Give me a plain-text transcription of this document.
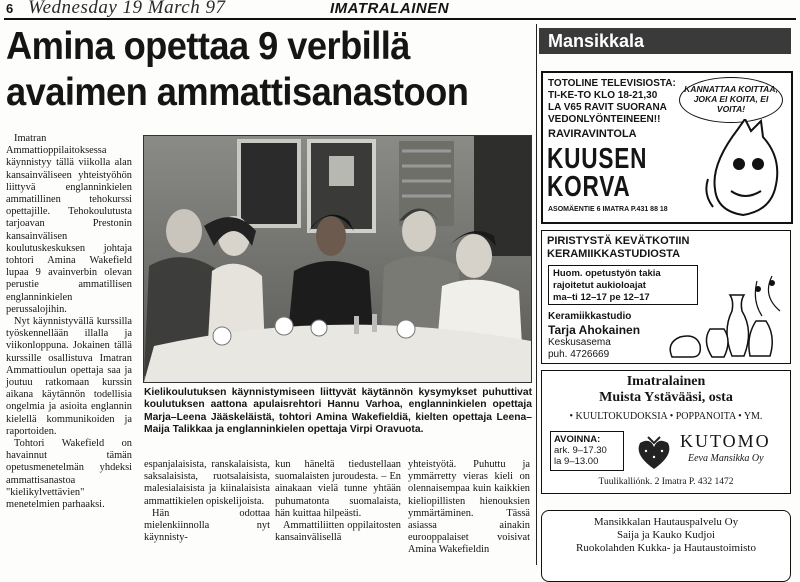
6 Wednesday 19 March 97	IMATRALAINEN
Amina opettaa 9 verbillä
avaimen ammattisanastoon

Imatran Ammattioppilaitoksessa käynnistyy tällä viikolla alan kansainväliseen yhteistyöhön liittyvä englanninkielen ammatillinen tehokurssi opettajille. Tehokoulutusta tarjoavan Prestonin kansainvälisen koulutuskeskuksen johtaja tohtori Amina Wakefield lupaa 9 avainverbin olevan perustie ammatillisen englanninkielen perussalojihin.

Nyt käynnistyvällä kurssilla työskennellään illalla ja viikonloppuna. Jokainen tällä kurssille osallistuva Imatran Ammattioulun opettaja saa ja joutuu ratkomaan kurssin aikana käytännön todellisia ongelmia ja asioita englannin kielellä kommunikoiden ja raportoiden.

Tohtori Wakefield on havainnut tämän opetusmenetelmän yhdeksi ammattisanastoa "kielikylvettävien" menetelmien parhaaksi.

Kielikoulutuksen käynnistymiseen liittyvät käytännön kysymykset puhuttivat koulutuksen aattona apulaisrehtori Hannu Varhoa, englanninkielen opettaja Marja–Leena Jääskeläistä, tohtori Amina Wakefieldiä, kielten opettaja Leena–Maija Talikkaa ja englanninkielen opettaja Virpi Oravuota.

espanjalaisista, ranskalaisista, saksalaisista, ruotsalaisista, malesialaisista ja kiinalaisista ammattikielen opiskelijoista.

Hän odottaa mielenkiinnolla nyt käynnisty-

kun häneltä tiedustellaan suomalaisten juroudesta. – En ainakaan vielä tunne yhtään puhumatonta suomalaista, hän kuittaa hilpeästi.

Ammattiliitten oppilaitosten kansainvälisellä

yhteistyötä. Puhuttu ja ymmärretty vieras kieli on olennaisempaa kuin kaikkien kieliopillisten hienouksien ymmärtäminen. Tässä asiassa ainakin eurooppalaiset voisivat Amina Wakefieldin

Mansikkala
TOTOLINE TELEVISIOSTA:
TI-KE-TO KLO 18-21,30
LA V65 RAVIT SUORANA
VEDONLYÖNTEINEEN!!
RAVIRAVINTOLA
KUUSEN
KORVA
ASOMÄENTIE 6 IMATRA P.431 88 18
KANNATTAA KOITTAA, JOKA EI KOITA, EI VOITA!
PIRISTYSTÄ KEVÄTKOTIIN
KERAMIIKKASTUDIOSTA
Huom. opetustyön takia
rajoitetut aukioloajat
ma–ti 12–17 pe 12–17
Keramiikkastudio
Tarja Ahokainen
Keskusasema
puh. 4726669
Imatralainen
Muista Ystävääsi, osta
• KUULTOKUDOKSIA • POPPANOITA • YM.
AVOINNA:
ark. 9–17.30
la 9–13.00
KUTOMO
Eeva Mansikka Oy
Tuulikalliónk. 2 Imatra P. 432 1472
Mansikkalan Hautauspalvelu Oy
Saija ja Kauko Kudjoi
Ruokolahden Kukka- ja Hautaustoimisto
